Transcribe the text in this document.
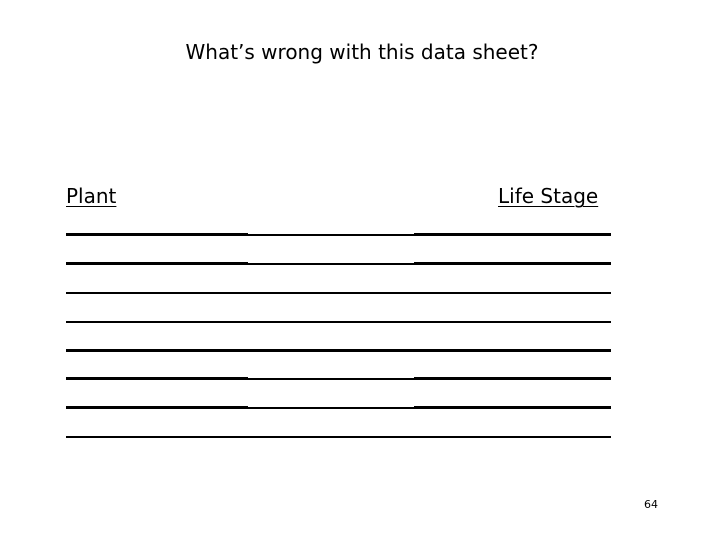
What’s wrong with this data sheet?
Plant	Life Stage
64
